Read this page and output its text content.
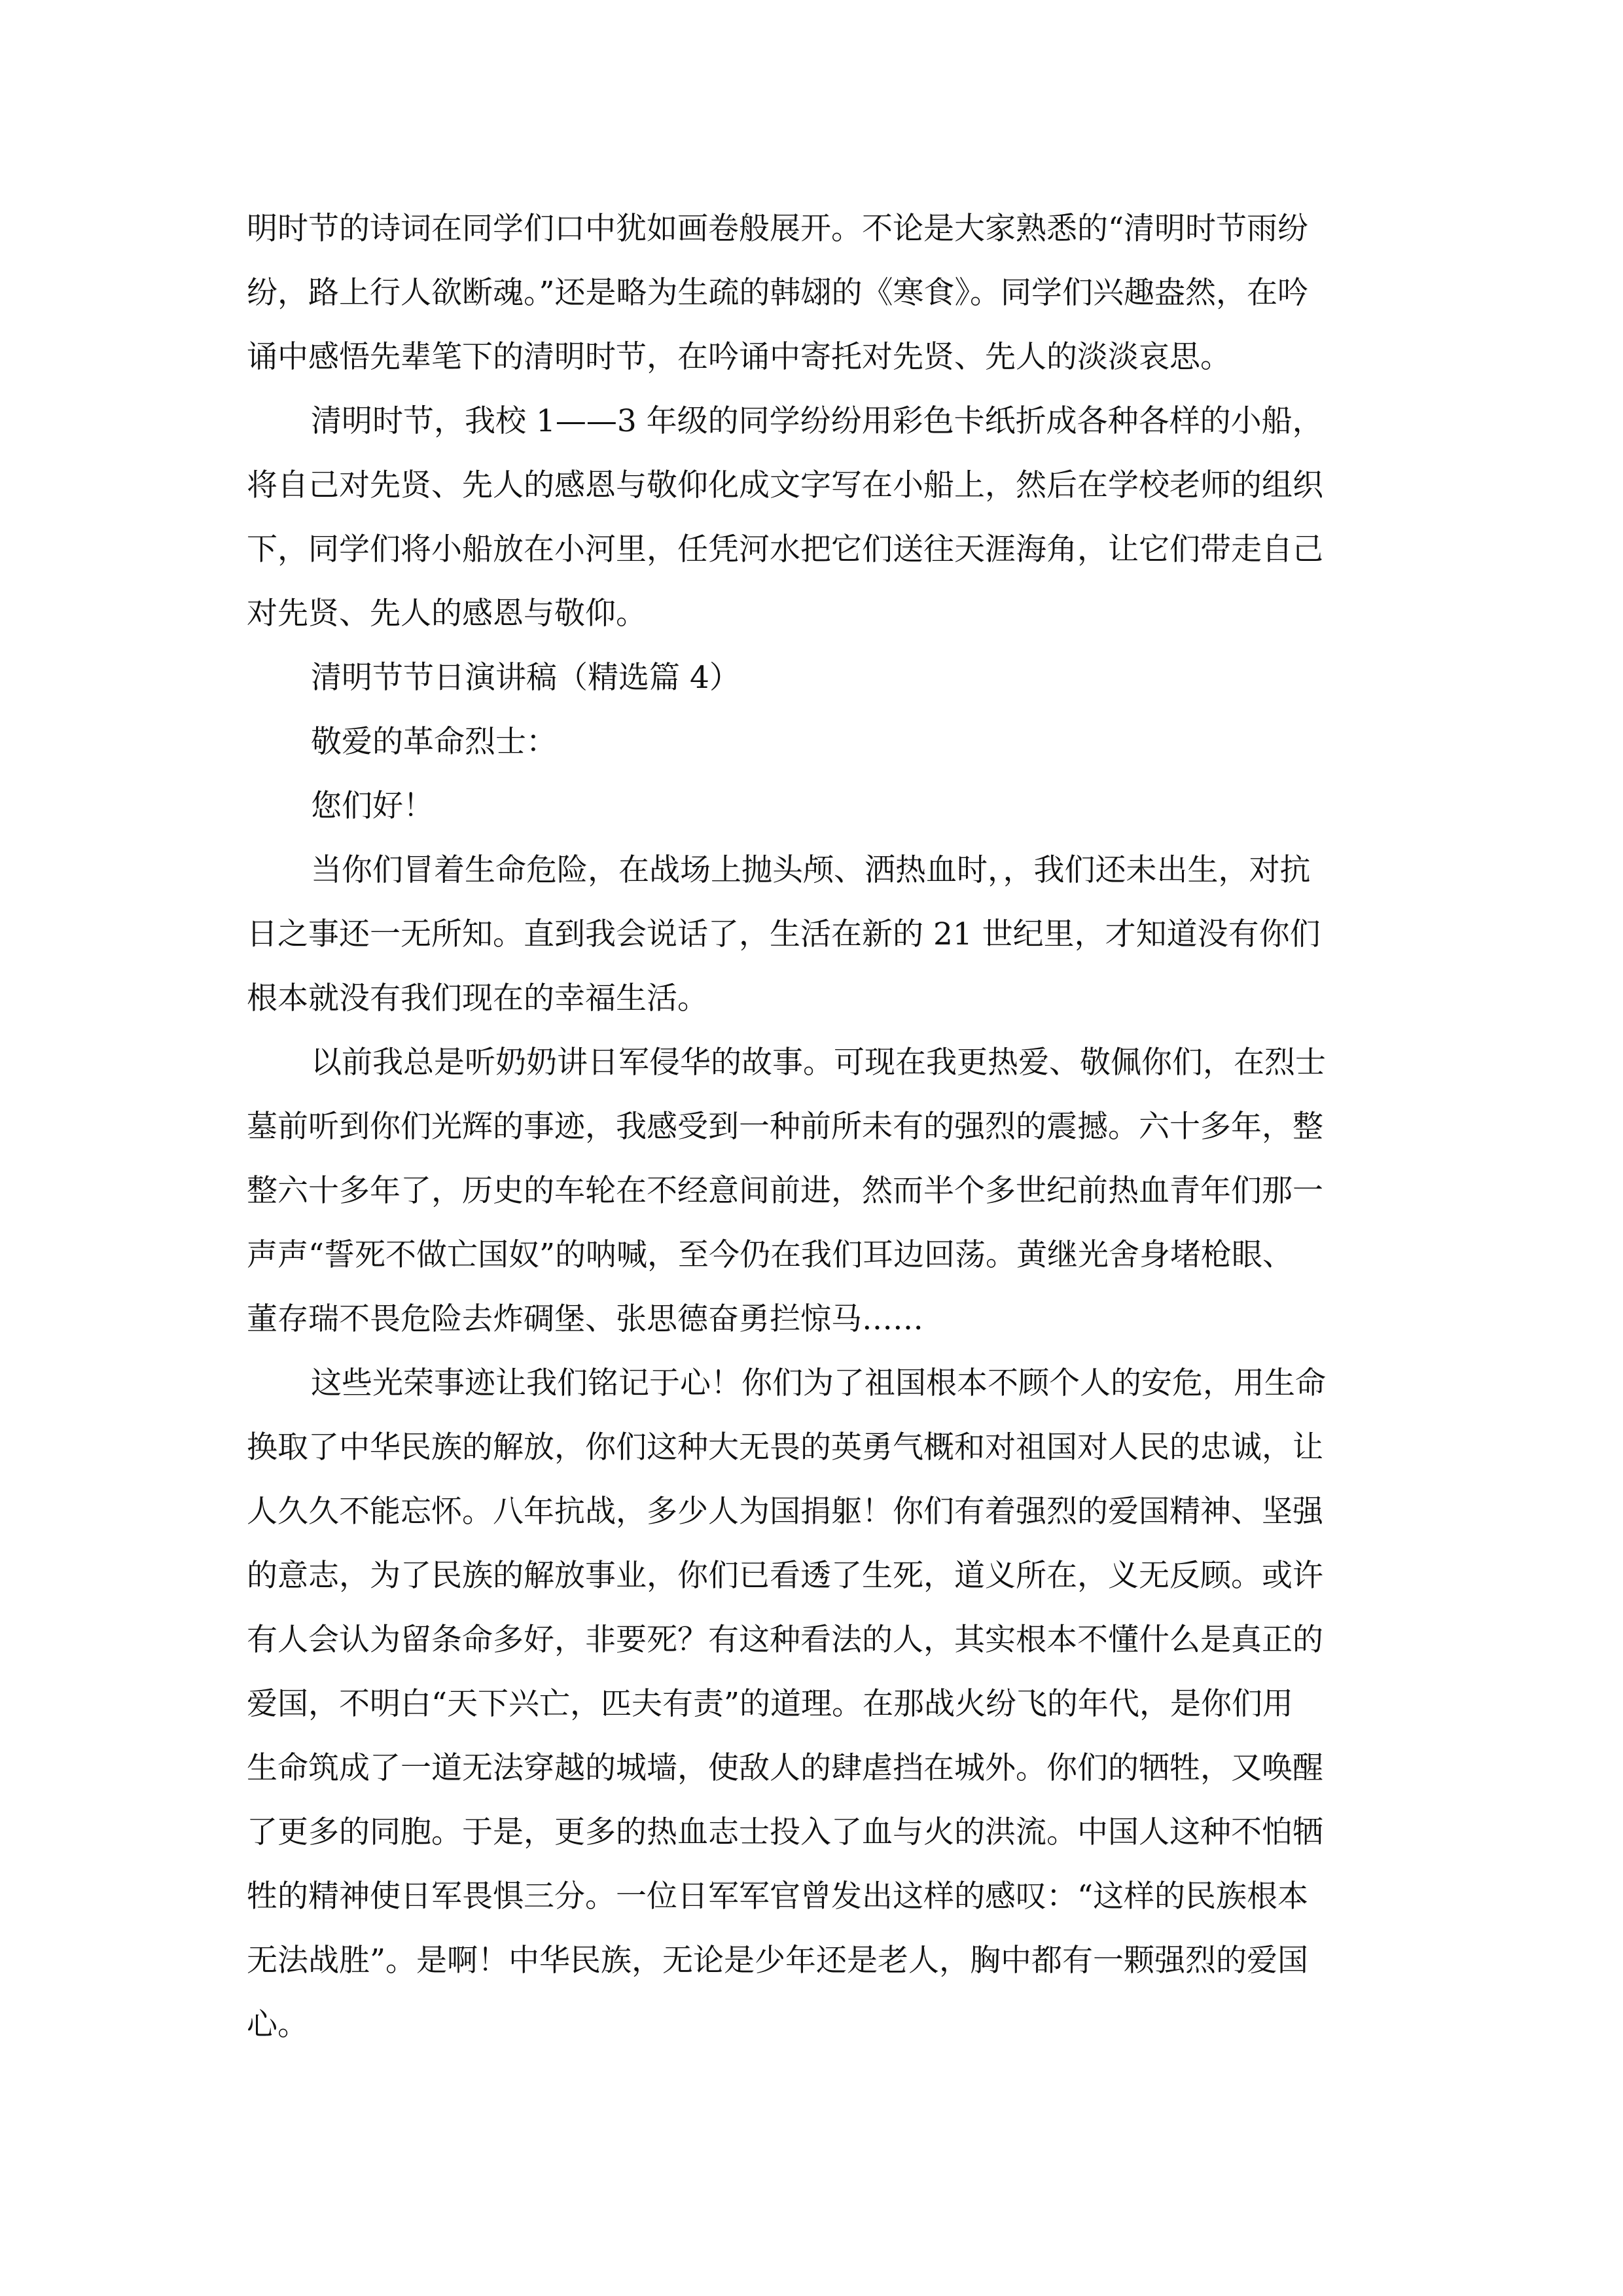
明时节的诗词在同学们口中犹如画卷般展开。不论是大家熟悉的“清明时节雨纷
纷，路上行人欲断魂。”还是略为生疏的韩翃的《寒食》。同学们兴趣盎然，在吟
诵中感悟先辈笔下的清明时节，在吟诵中寄托对先贤、先人的淡淡哀思。
清明时节，我校 1——3 年级的同学纷纷用彩色卡纸折成各种各样的小船，
将自己对先贤、先人的感恩与敬仰化成文字写在小船上，然后在学校老师的组织
下，同学们将小船放在小河里，任凭河水把它们送往天涯海角，让它们带走自己
对先贤、先人的感恩与敬仰。
清明节节日演讲稿（精选篇 4）
敬爱的革命烈士：
您们好！
当你们冒着生命危险，在战场上抛头颅、洒热血时，，我们还未出生，对抗
日之事还一无所知。直到我会说话了，生活在新的 21 世纪里，才知道没有你们
根本就没有我们现在的幸福生活。
以前我总是听奶奶讲日军侵华的故事。可现在我更热爱、敬佩你们，在烈士
墓前听到你们光辉的事迹，我感受到一种前所未有的强烈的震撼。六十多年，整
整六十多年了，历史的车轮在不经意间前进，然而半个多世纪前热血青年们那一
声声“誓死不做亡国奴”的呐喊，至今仍在我们耳边回荡。黄继光舍身堵枪眼、
董存瑞不畏危险去炸碉堡、张思德奋勇拦惊马……
这些光荣事迹让我们铭记于心！你们为了祖国根本不顾个人的安危，用生命
换取了中华民族的解放，你们这种大无畏的英勇气概和对祖国对人民的忠诚，让
人久久不能忘怀。八年抗战，多少人为国捐躯！你们有着强烈的爱国精神、坚强
的意志，为了民族的解放事业，你们已看透了生死，道义所在，义无反顾。或许
有人会认为留条命多好，非要死？有这种看法的人，其实根本不懂什么是真正的
爱国，不明白“天下兴亡，匹夫有责”的道理。在那战火纷飞的年代，是你们用
生命筑成了一道无法穿越的城墙，使敌人的肆虐挡在城外。你们的牺牲，又唤醒
了更多的同胞。于是，更多的热血志士投入了血与火的洪流。中国人这种不怕牺
牲的精神使日军畏惧三分。一位日军军官曾发出这样的感叹：“这样的民族根本
无法战胜”。是啊！中华民族，无论是少年还是老人，胸中都有一颗强烈的爱国
心。
